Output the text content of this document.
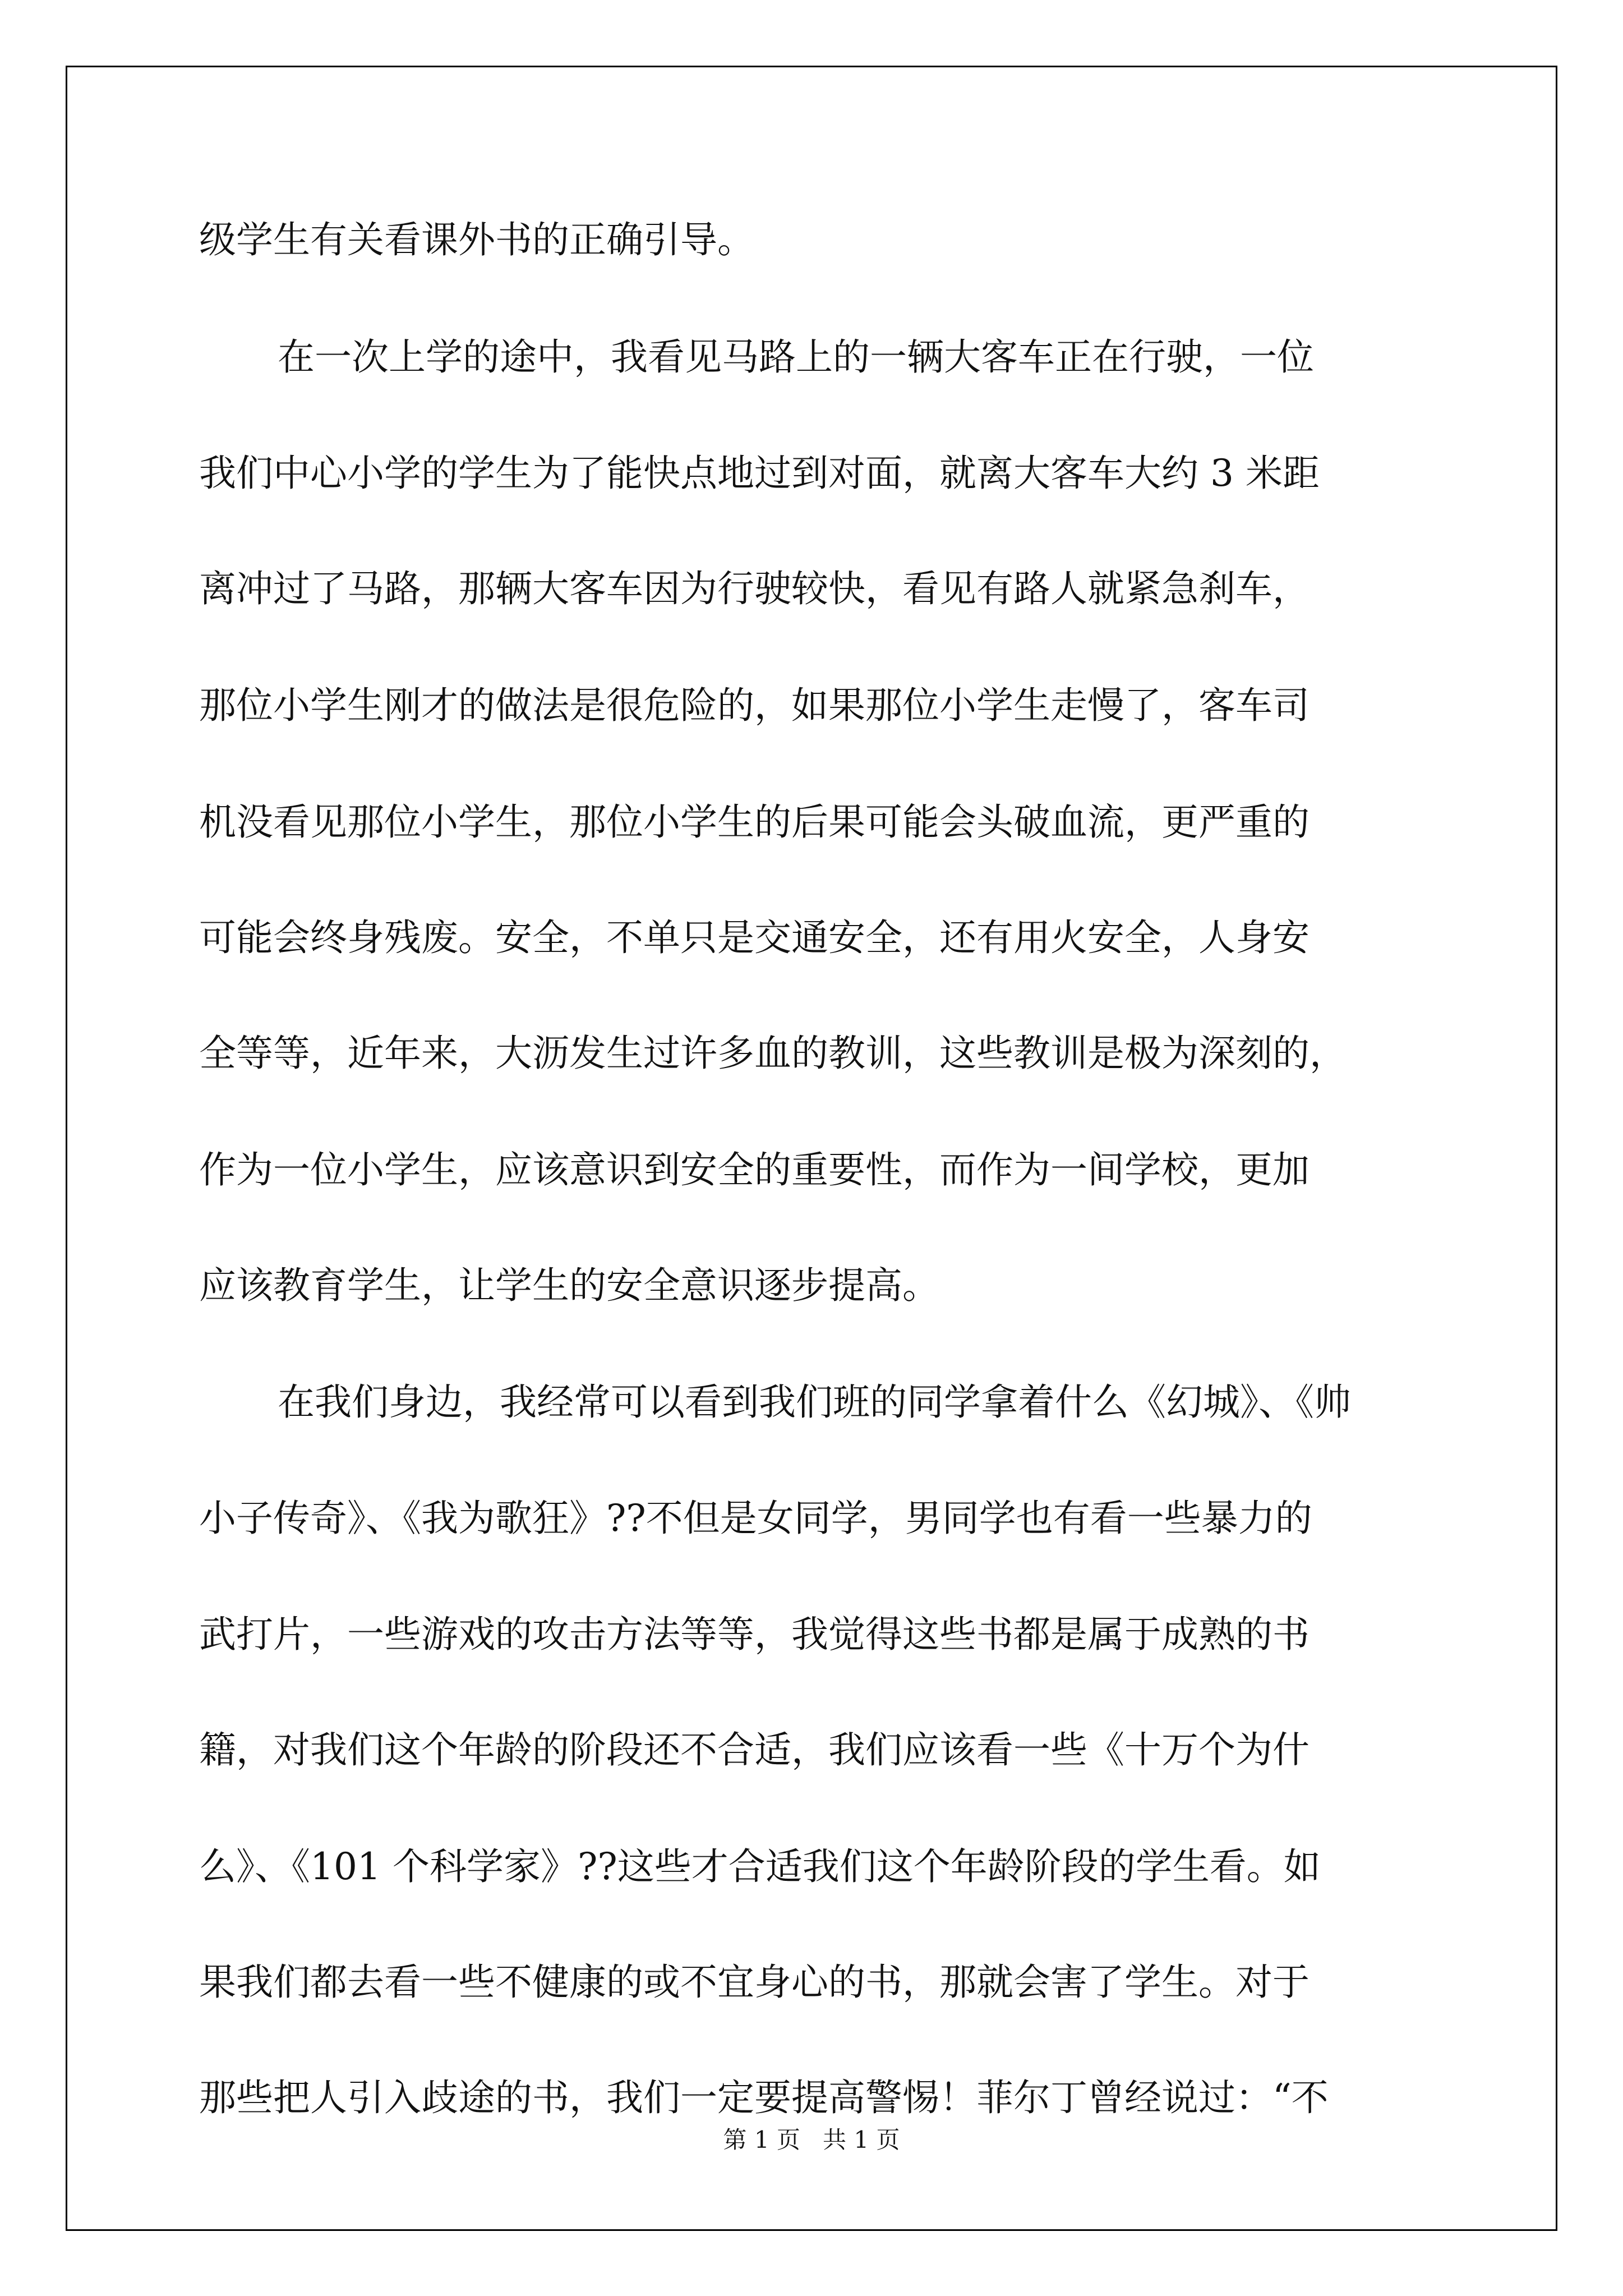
级学生有关看课外书的正确引导。
在一次上学的途中，我看见马路上的一辆大客车正在行驶，一位
我们中心小学的学生为了能快点地过到对面，就离大客车大约 3 米距
离冲过了马路，那辆大客车因为行驶较快，看见有路人就紧急刹车，
那位小学生刚才的做法是很危险的，如果那位小学生走慢了，客车司
机没看见那位小学生，那位小学生的后果可能会头破血流，更严重的
可能会终身残废。安全，不单只是交通安全，还有用火安全，人身安
全等等，近年来，大沥发生过许多血的教训，这些教训是极为深刻的，
作为一位小学生，应该意识到安全的重要性，而作为一间学校，更加
应该教育学生，让学生的安全意识逐步提高。
在我们身边，我经常可以看到我们班的同学拿着什么《幻城》、《帅
小子传奇》、《我为歌狂》??不但是女同学，男同学也有看一些暴力的
武打片，一些游戏的攻击方法等等，我觉得这些书都是属于成熟的书
籍，对我们这个年龄的阶段还不合适，我们应该看一些《十万个为什
么》、《101 个科学家》??这些才合适我们这个年龄阶段的学生看。如
果我们都去看一些不健康的或不宜身心的书，那就会害了学生。对于
那些把人引入歧途的书，我们一定要提高警惕！菲尔丁曾经说过：“不
第 1 页   共 1 页
